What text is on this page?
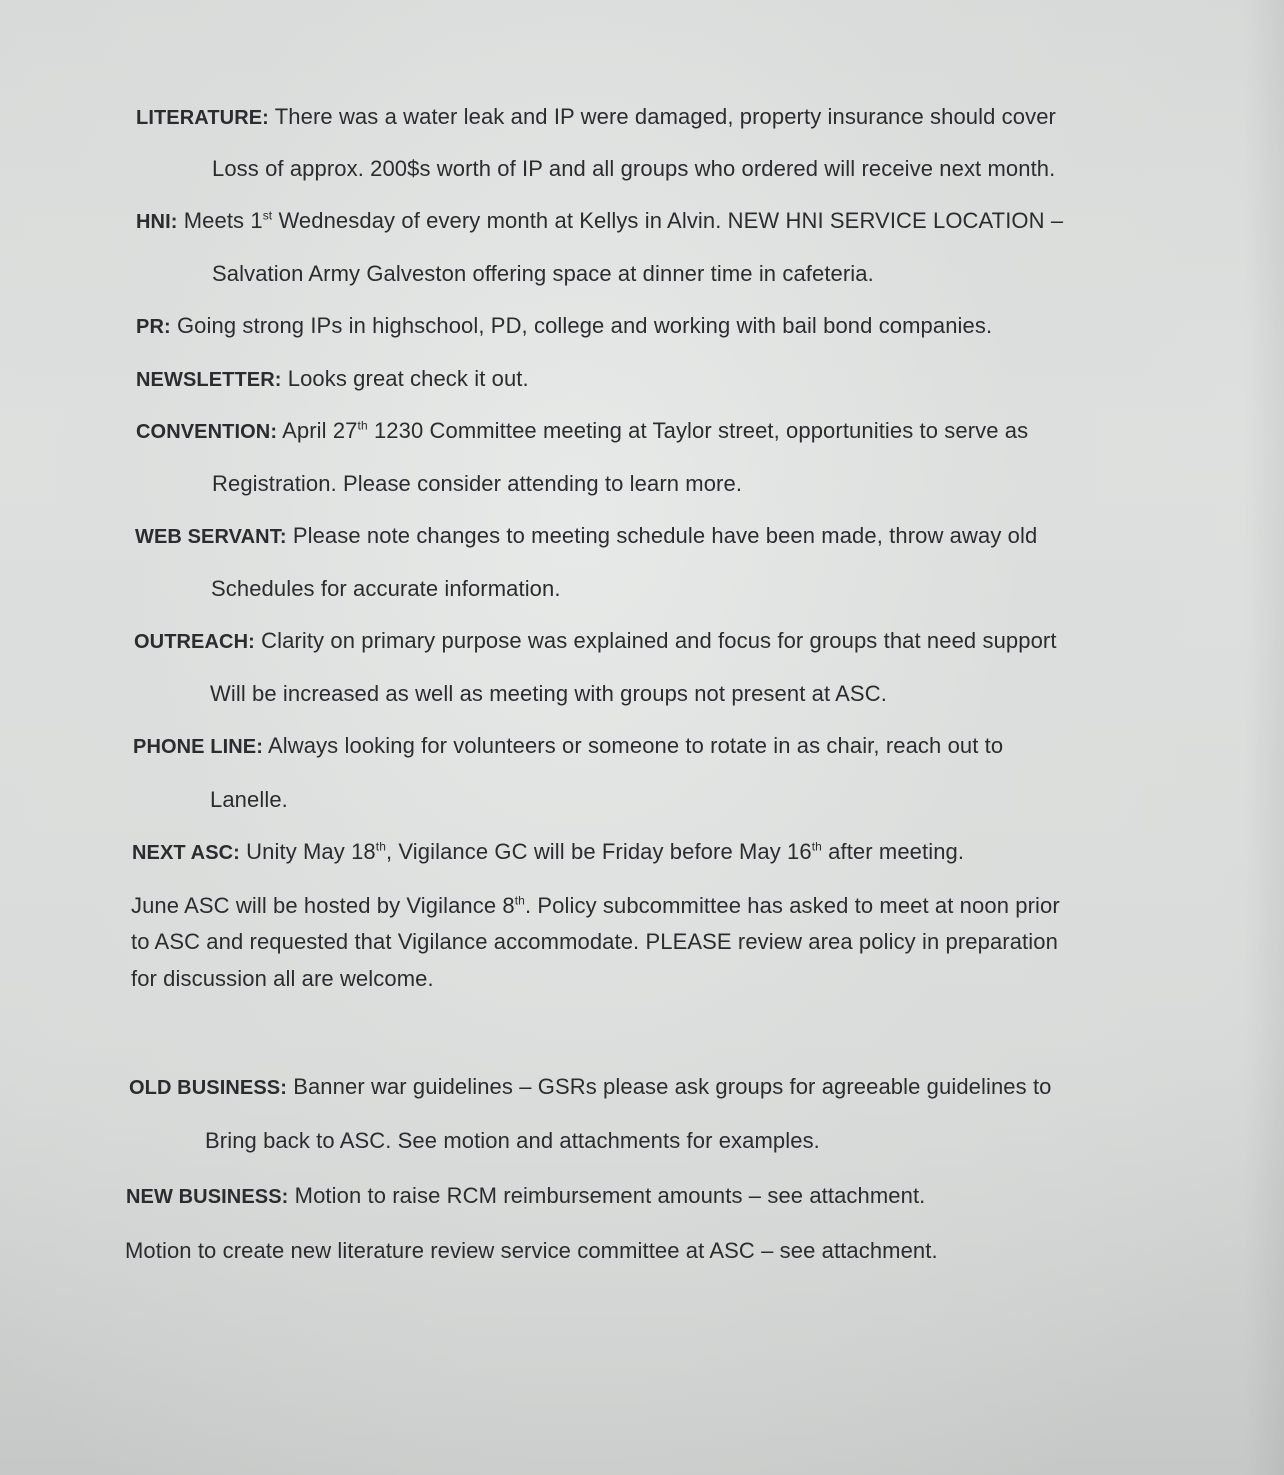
LITERATURE: There was a water leak and IP were damaged, property insurance should cover
Loss of approx. 200$s worth of IP and all groups who ordered will receive next month.
HNI: Meets 1st Wednesday of every month at Kellys in Alvin. NEW HNI SERVICE LOCATION –
Salvation Army Galveston offering space at dinner time in cafeteria.
PR: Going strong IPs in highschool, PD, college and working with bail bond companies.
NEWSLETTER: Looks great check it out.
CONVENTION: April 27th 1230 Committee meeting at Taylor street, opportunities to serve as
Registration. Please consider attending to learn more.
WEB SERVANT: Please note changes to meeting schedule have been made, throw away old
Schedules for accurate information.
OUTREACH: Clarity on primary purpose was explained and focus for groups that need support
Will be increased as well as meeting with groups not present at ASC.
PHONE LINE: Always looking for volunteers or someone to rotate in as chair, reach out to
Lanelle.
NEXT ASC: Unity May 18th, Vigilance GC will be Friday before May 16th after meeting.
June ASC will be hosted by Vigilance 8th. Policy subcommittee has asked to meet at noon prior
to ASC and requested that Vigilance accommodate. PLEASE review area policy in preparation
for discussion all are welcome.
OLD BUSINESS: Banner war guidelines – GSRs please ask groups for agreeable guidelines to
Bring back to ASC. See motion and attachments for examples.
NEW BUSINESS: Motion to raise RCM reimbursement amounts – see attachment.
Motion to create new literature review service committee at ASC – see attachment.
